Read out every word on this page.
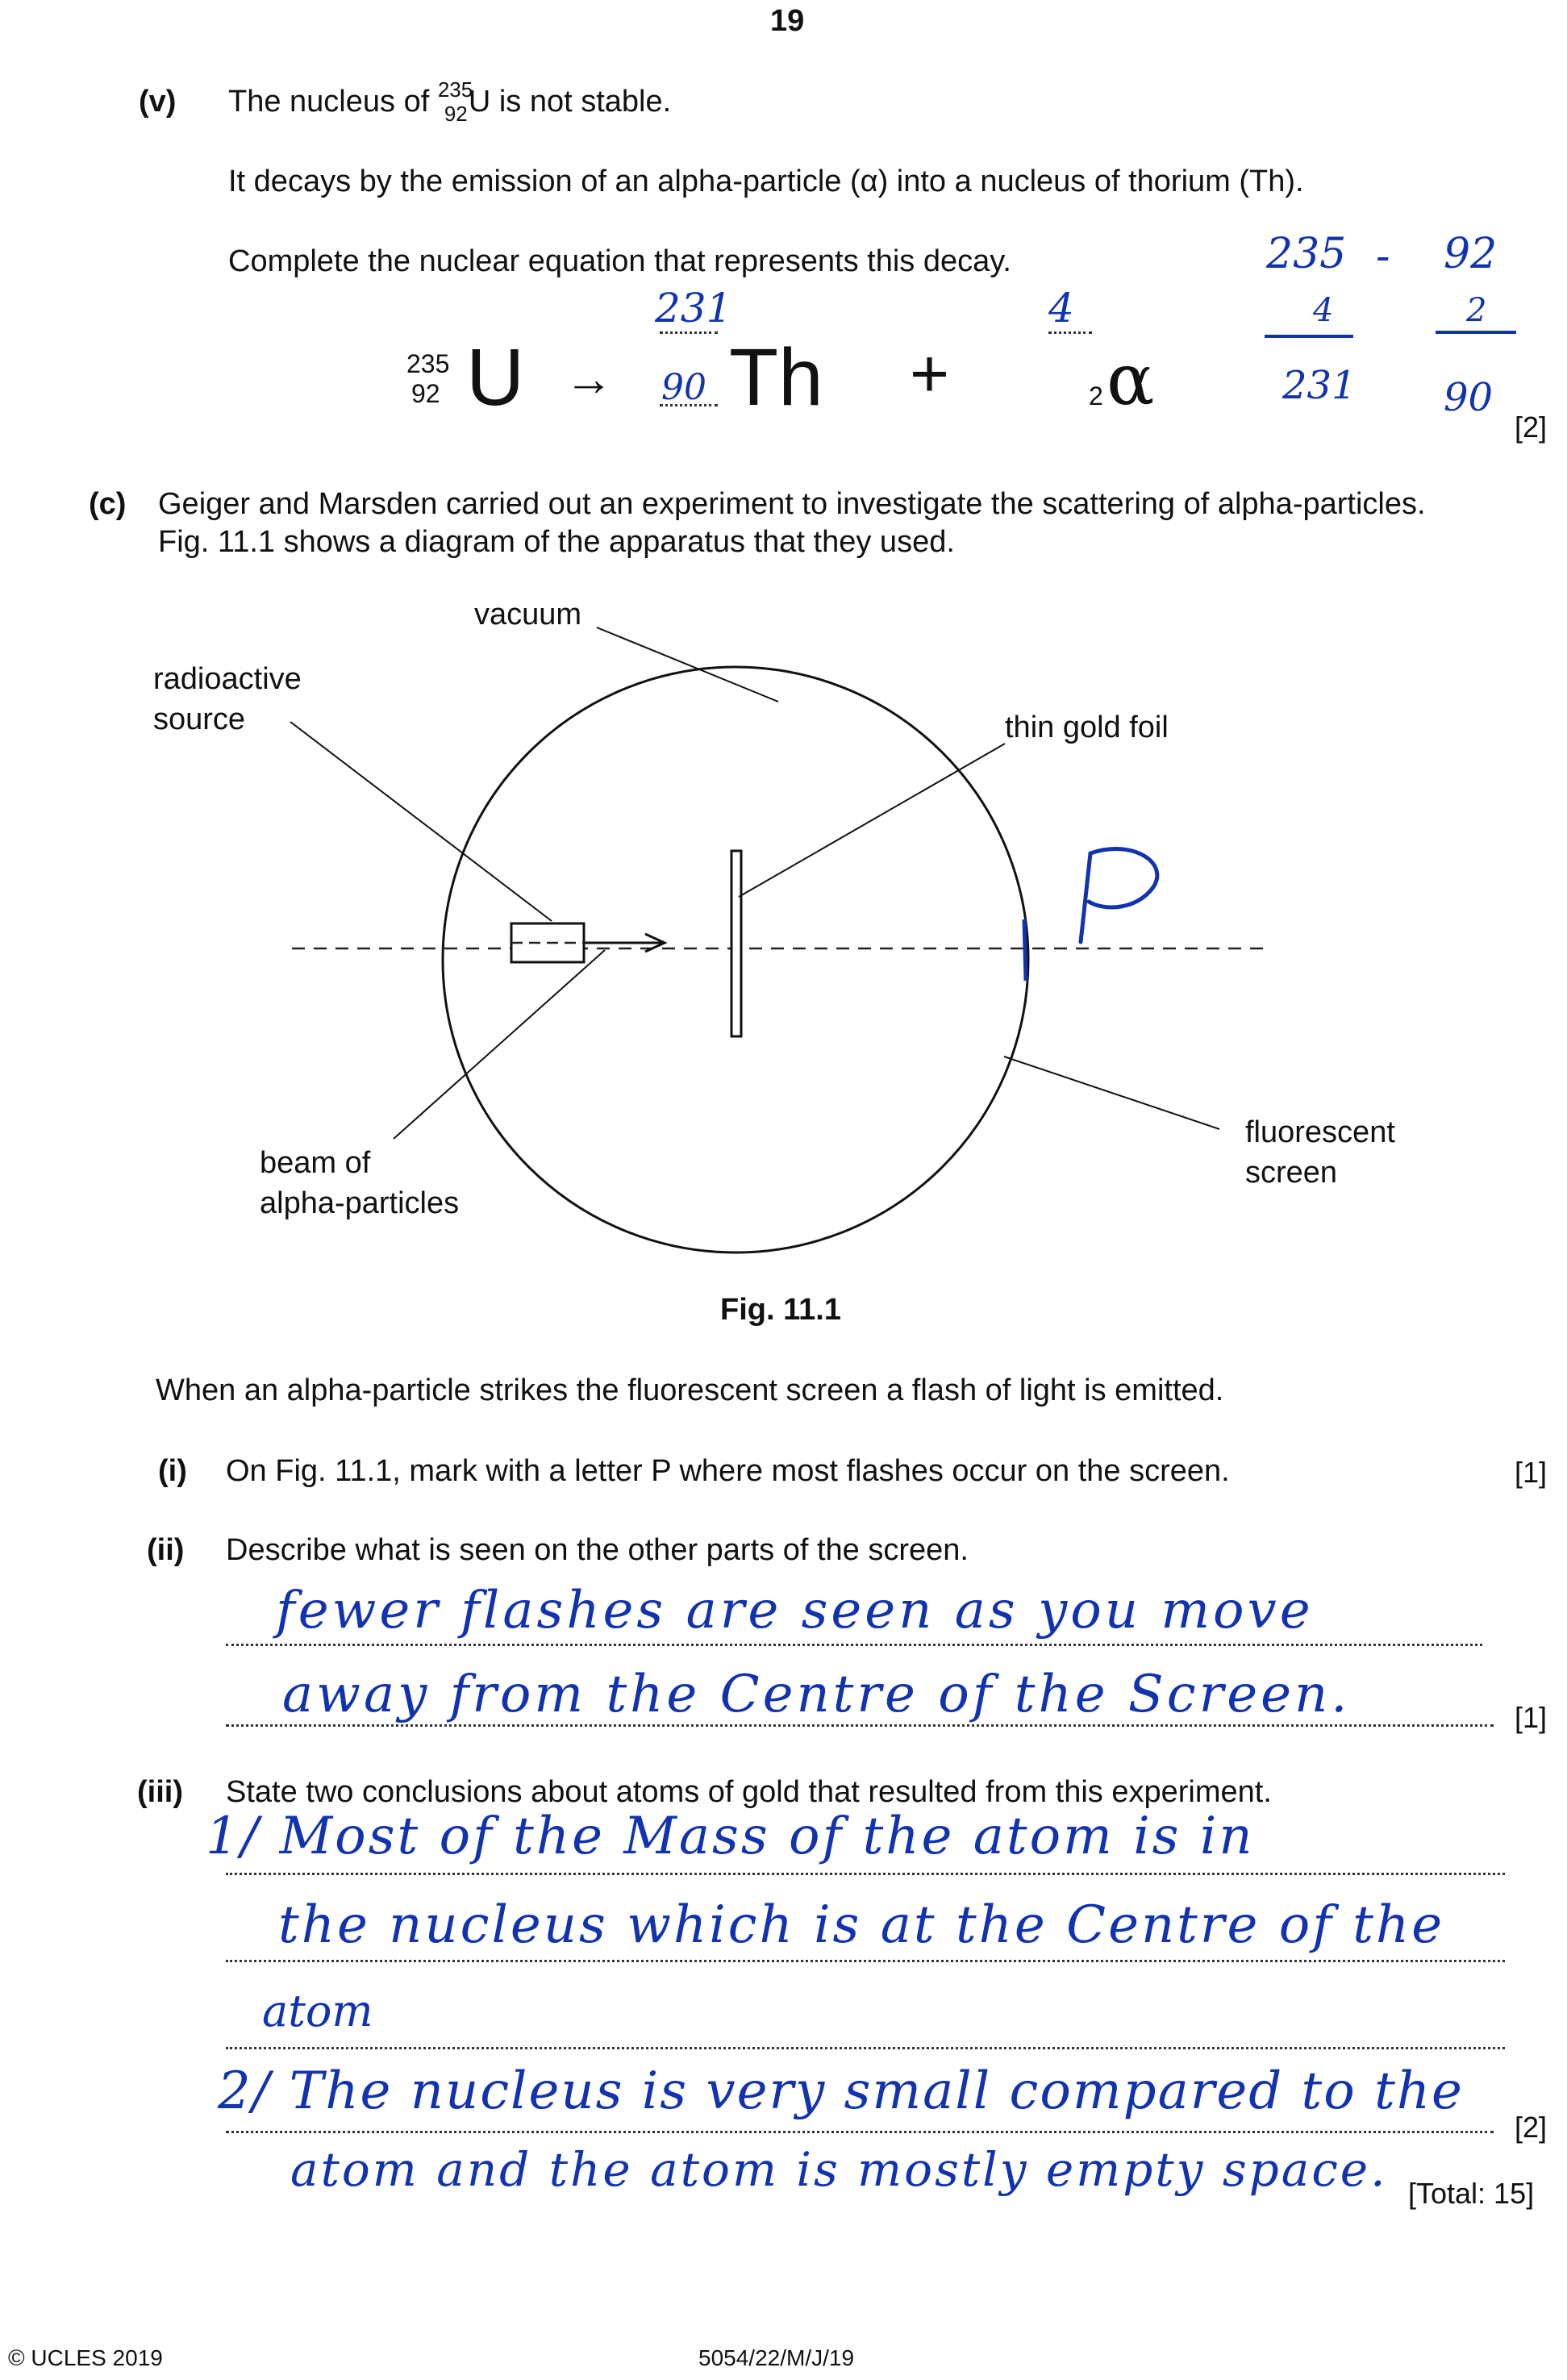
19
(v) The nucleus of 235
92 U is not stable.
It decays by the emission of an alpha-particle (α) into a nucleus of thorium (Th).
Complete the nuclear equation that represents this decay.	235 - 92
4	2
231 90
235
92 U →
231
90 Th +
4
2 α
[2]
(c) Geiger and Marsden carried out an experiment to investigate the scattering of alpha-particles.
Fig. 11.1 shows a diagram of the apparatus that they used.
vacuum
radioactive
source	thin gold foil
beam of
alpha-particles
fluorescent
screen
Fig. 11.1
When an alpha-particle strikes the fluorescent screen a flash of light is emitted.
(i) On Fig. 11.1, mark with a letter P where most flashes occur on the screen.	[1]
(ii) Describe what is seen on the other parts of the screen.
fewer flashes are seen as you move
away from the Centre of the Screen.	[1]
(iii) State two conclusions about atoms of gold that resulted from this experiment.
1/ Most of the Mass of the atom is in
the nucleus which is at the Centre of the
atom
2/ The nucleus is very small compared to the
atom and the atom is mostly empty space.
[2]
[Total: 15]
© UCLES 2019	5054/22/M/J/19
